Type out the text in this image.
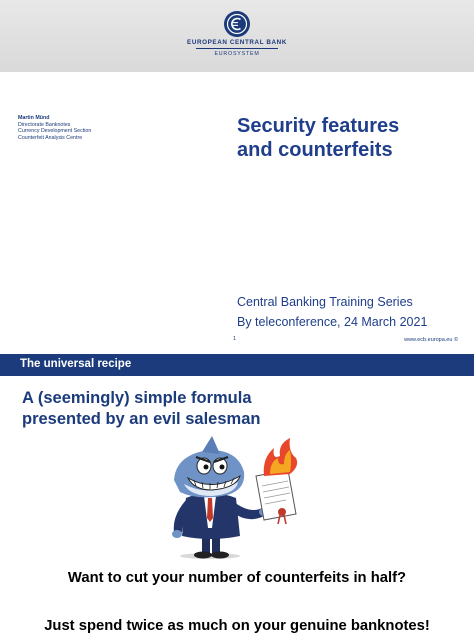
EUROPEAN CENTRAL BANK
EUROSYSTEM
Martin Münd
Directorate Banknotes
Currency Development Section
Counterfeit Analysis Centre
Security features
and counterfeits
Central Banking Training Series
By teleconference, 24 March 2021
1	www.ecb.europa.eu ©
The universal recipe
A (seemingly) simple formula
presented by an evil salesman
Want to cut your number of counterfeits in half?
Just spend twice as much on your genuine banknotes!
